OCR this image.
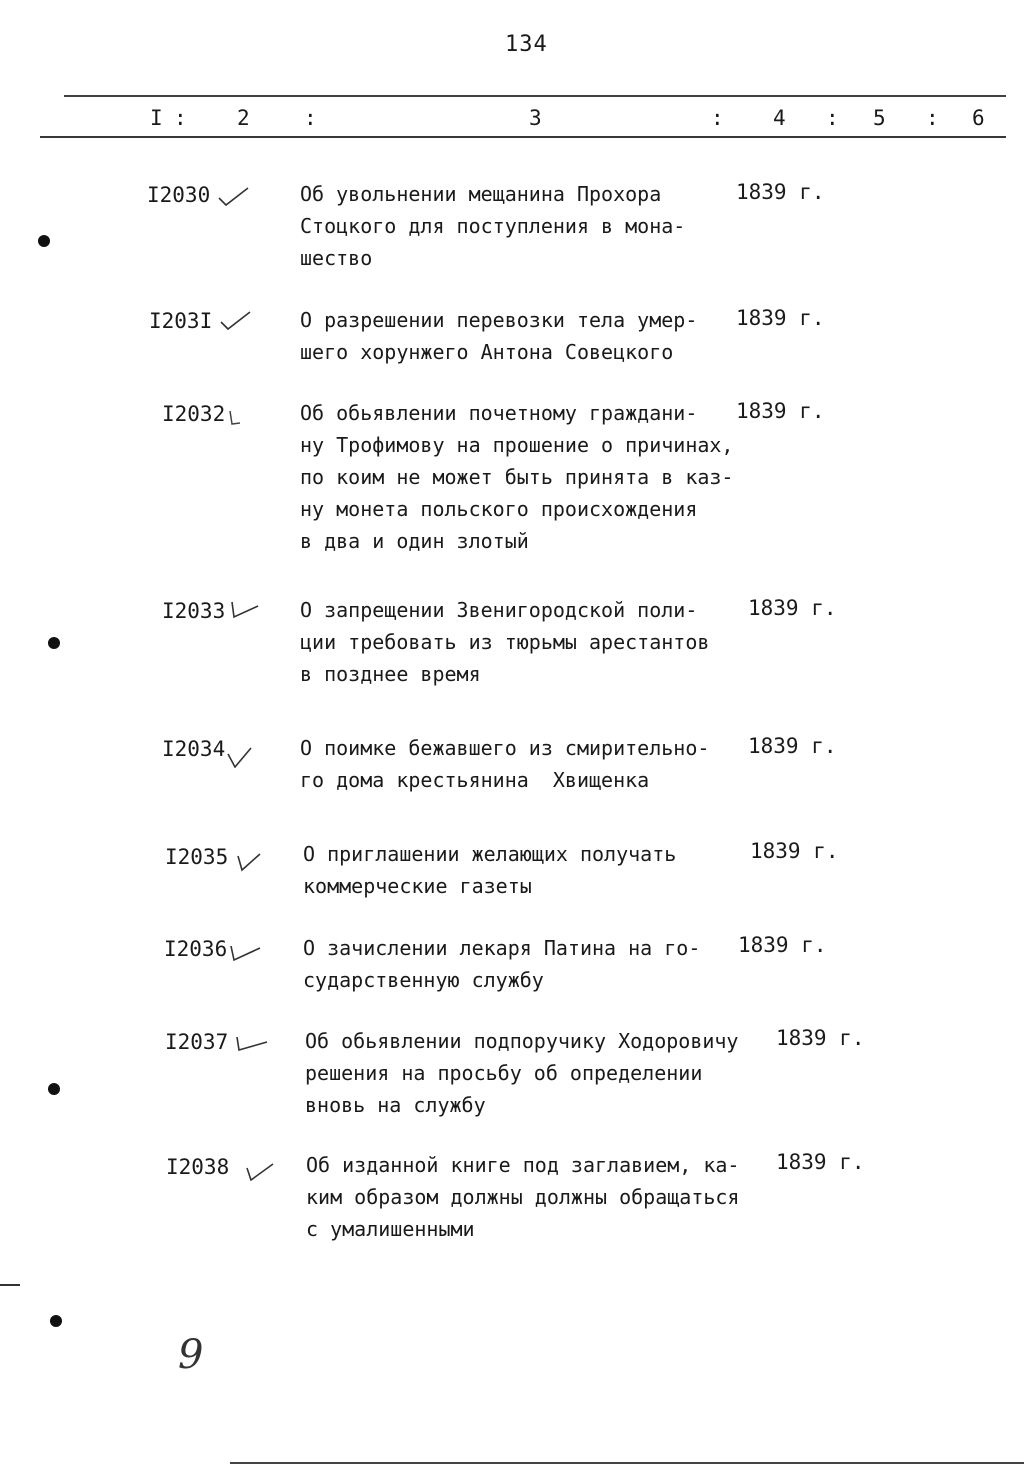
134
I : 2	:	3	: 4 : 5 : 6
I2030	Об увольнении мещанина Прохора
Стоцкого для поступления в мона-
шество
1839 г.
I203I	О разрешении перевозки тела умер-
шего хорунжего Антона Совецкого
1839 г.
I2032	Об обьявлении почетному граждани-
ну Трофимову на прошение о причинах,
по коим не может быть принята в каз-
ну монета польского происхождения
в два и один злотый
1839 г.
I2033	О запрещении Звенигородской поли-
ции требовать из тюрьмы арестантов
в позднее время
1839 г.
I2034	О поимке бежавшего из смирительно-
го дома крестьянина  Хвищенка
1839 г.
I2035	О приглашении желающих получать
коммерческие газеты
1839 г.
I2036	О зачислении лекаря Патина на го-
сударственную службу
1839 г.
I2037	Об обьявлении подпоручику Ходоровичу
решения на просьбу об определении
вновь на службу
1839 г.
I2038	Об изданной книге под заглавием, ка-
ким образом должны должны обращаться
с умалишенными
1839 г.
9
